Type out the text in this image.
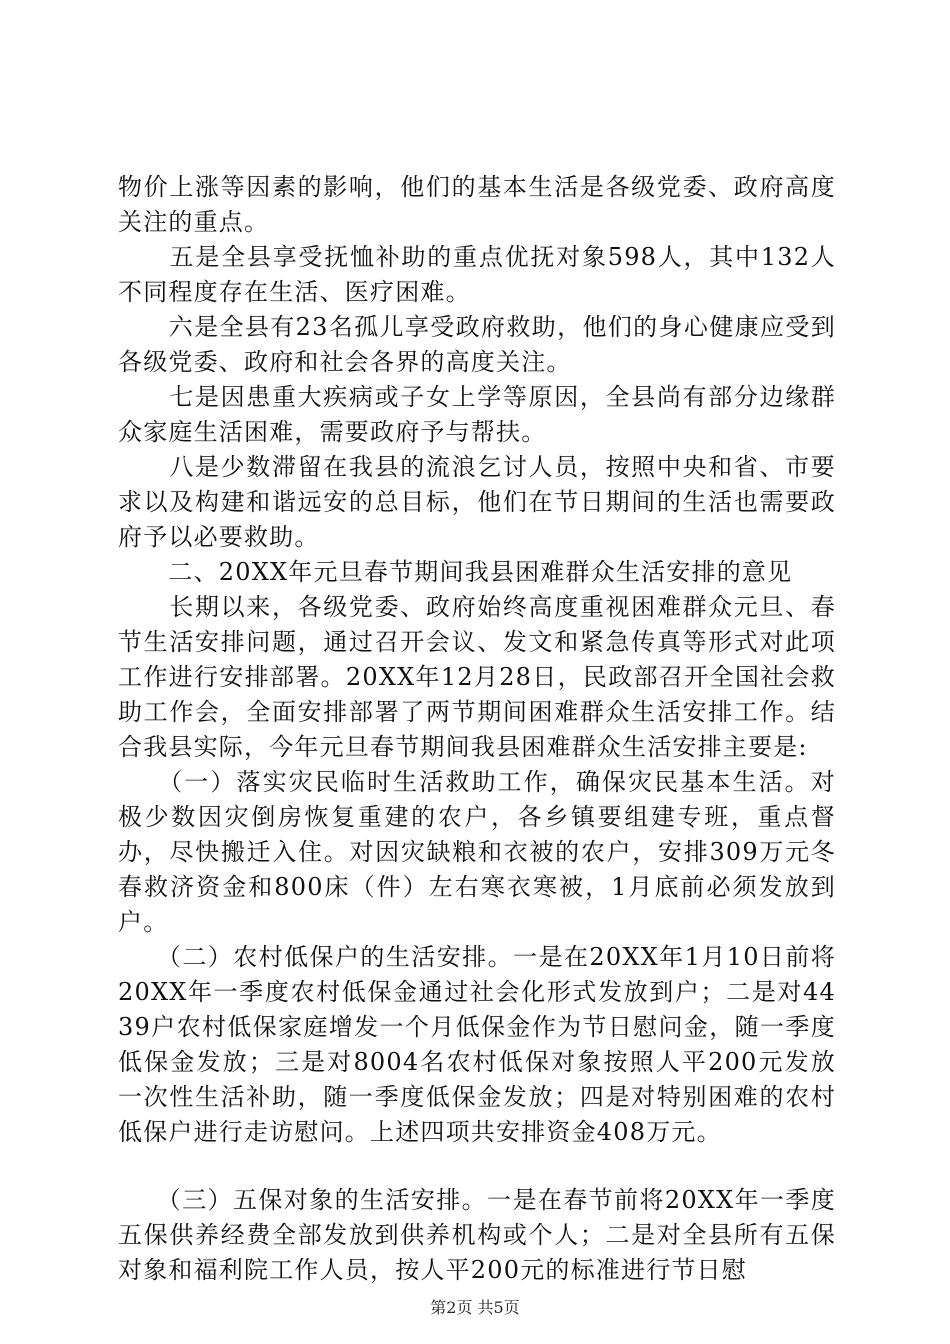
物价上涨等因素的影响，他们的基本生活是各级党委、政府高度关注的重点。

　　五是全县享受抚恤补助的重点优抚对象598人，其中132人不同程度存在生活、医疗困难。

　　六是全县有23名孤儿享受政府救助，他们的身心健康应受到各级党委、政府和社会各界的高度关注。

　　七是因患重大疾病或子女上学等原因，全县尚有部分边缘群众家庭生活困难，需要政府予与帮扶。

　　八是少数滞留在我县的流浪乞讨人员，按照中央和省、市要求以及构建和谐远安的总目标，他们在节日期间的生活也需要政府予以必要救助。

　　二、20XX年元旦春节期间我县困难群众生活安排的意见

　　长期以来，各级党委、政府始终高度重视困难群众元旦、春节生活安排问题，通过召开会议、发文和紧急传真等形式对此项工作进行安排部署。20XX年12月28日，民政部召开全国社会救助工作会，全面安排部署了两节期间困难群众生活安排工作。结合我县实际，今年元旦春节期间我县困难群众生活安排主要是:

　　（一）落实灾民临时生活救助工作，确保灾民基本生活。对极少数因灾倒房恢复重建的农户，各乡镇要组建专班，重点督办，尽快搬迁入住。对因灾缺粮和衣被的农户，安排309万元冬春救济资金和800床（件）左右寒衣寒被，1月底前必须发放到户。

　　（二）农村低保户的生活安排。一是在20XX年1月10日前将20XX年一季度农村低保金通过社会化形式发放到户；二是对4439户农村低保家庭增发一个月低保金作为节日慰问金，随一季度低保金发放；三是对8004名农村低保对象按照人平200元发放一次性生活补助，随一季度低保金发放；四是对特别困难的农村低保户进行走访慰问。上述四项共安排资金408万元。

　　（三）五保对象的生活安排。一是在春节前将20XX年一季度五保供养经费全部发放到供养机构或个人；二是对全县所有五保对象和福利院工作人员，按人平200元的标准进行节日慰

第2页 共5页
